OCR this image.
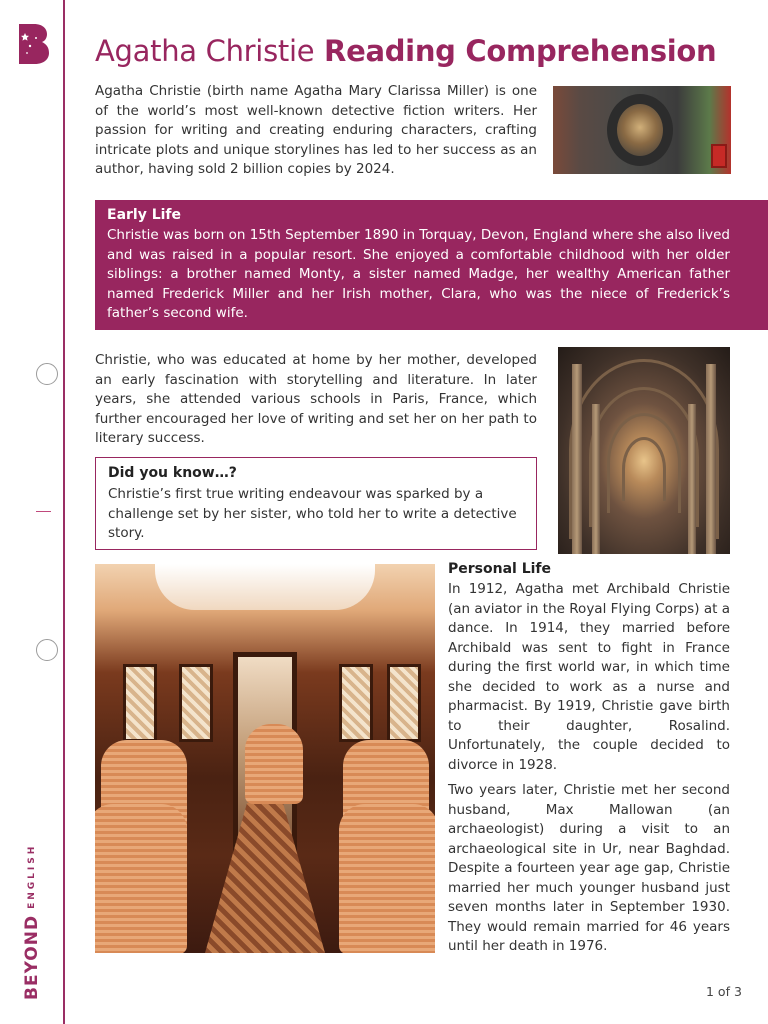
BEYONDENGLISH
Agatha Christie Reading Comprehension

Agatha Christie (birth name Agatha Mary Clarissa Miller) is one of the world’s most well-known detective fiction writers. Her passion for writing and creating enduring characters, crafting intricate plots and unique storylines has led to her success as an author, having sold 2 billion copies by 2024.

Early Life
Christie was born on 15th September 1890 in Torquay, Devon, England where she also lived and was raised in a popular resort. She enjoyed a comfortable childhood with her older siblings: a brother named Monty, a sister named Madge, her wealthy American father named Frederick Miller and her Irish mother, Clara, who was the niece of Frederick’s father’s second wife.

Christie, who was educated at home by her mother, developed an early fascination with storytelling and literature. In later years, she attended various schools in Paris, France, which further encouraged her love of writing and set her on her path to literary success.

Did you know…?
Christie’s first true writing endeavour was sparked by a challenge set by her sister, who told her to write a detective story.
Personal Life

In 1912, Agatha met Archibald Christie (an aviator in the Royal Flying Corps) at a dance. In 1914, they married before Archibald was sent to fight in France during the first world war, in which time she decided to work as a nurse and pharmacist. By 1919, Christie gave birth to their daughter, Rosalind. Unfortunately, the couple decided to divorce in 1928.

Two years later, Christie met her second husband, Max Mallowan (an archaeologist) during a visit to an archaeological site in Ur, near Baghdad. Despite a fourteen year age gap, Christie married her much younger husband just seven months later in September 1930. They would remain married for 46 years until her death in 1976.

1 of 3
